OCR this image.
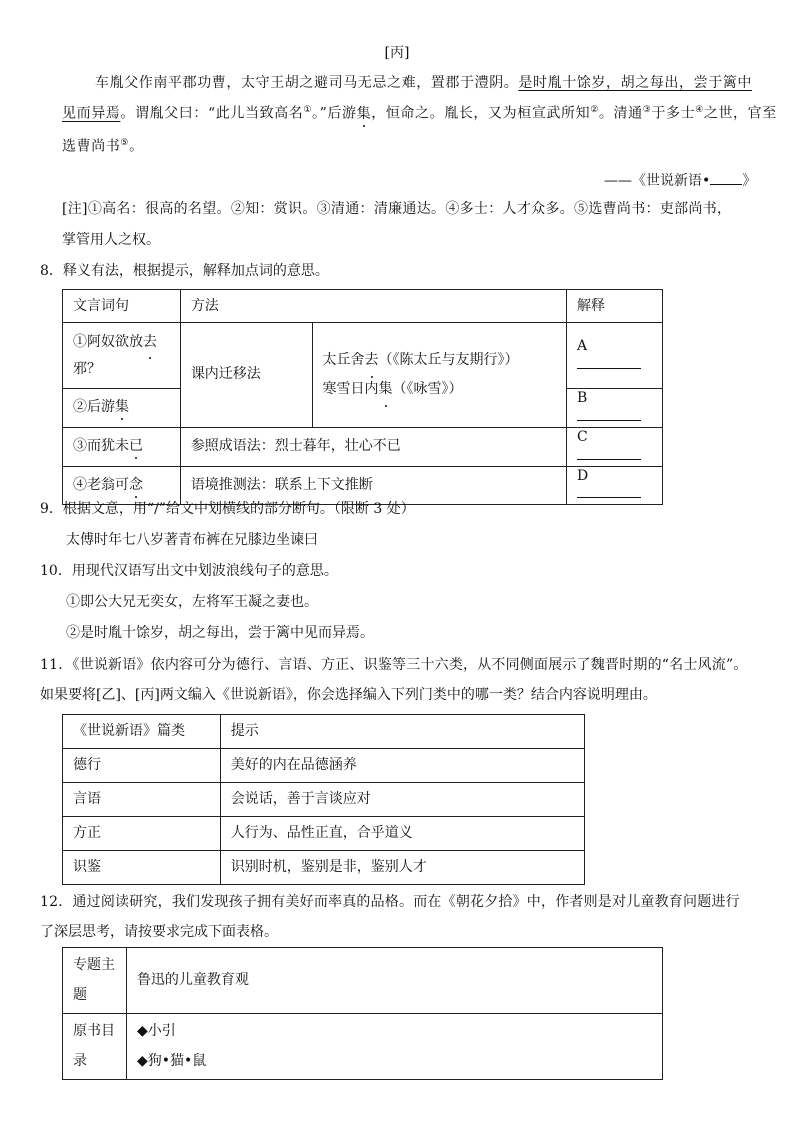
[丙]
车胤父作南平郡功曹，太守王胡之避司马无忌之难，置郡于澧阴。是时胤十馀岁，胡之每出，尝于篱中
见而异焉。谓胤父曰：“此儿当致高名①。”后游集，恒命之。胤长，又为桓宣武所知②。清通③于多士④之世，官至
选曹尚书⑤。
——《世说新语• 》
[注]①高名：很高的名望。②知：赏识。③清通：清廉通达。④多士：人才众多。⑤选曹尚书：吏部尚书，
掌管用人之权。
8．释义有法，根据提示，解释加点词的意思。
文言词句	方法		解释
①阿奴欲放去
邪？	课内迁移法	太丘舍去（《陈太丘与友期行》）
寒雪日内集（《咏雪》）	A
②后游集			B
③而犹未已	参照成语法：烈士暮年，壮心不已		C
④老翁可念	语境推测法：联系上下文推断		D
9．根据文意，用“/”给文中划横线的部分断句。（限断 3 处）
太傅时年七八岁著青布裤在兄膝边坐谏曰
10．用现代汉语写出文中划波浪线句子的意思。
①即公大兄无奕女，左将军王凝之妻也。
②是时胤十馀岁，胡之每出，尝于篱中见而异焉。
11．《世说新语》依内容可分为德行、言语、方正、识鉴等三十六类，从不同侧面展示了魏晋时期的“名士风流”。
如果要将[乙]、[丙]两文编入《世说新语》，你会选择编入下列门类中的哪一类？结合内容说明理由。
《世说新语》篇类	提示
德行	美好的内在品德涵养
言语	会说话，善于言谈应对
方正	人行为、品性正直，合乎道义
识鉴	识别时机，鉴别是非，鉴别人才
12．通过阅读研究，我们发现孩子拥有美好而率真的品格。而在《朝花夕拾》中，作者则是对儿童教育问题进行
了深层思考，请按要求完成下面表格。
专题主
题	鲁迅的儿童教育观
原书目
录	◆小引
◆狗•猫•鼠
